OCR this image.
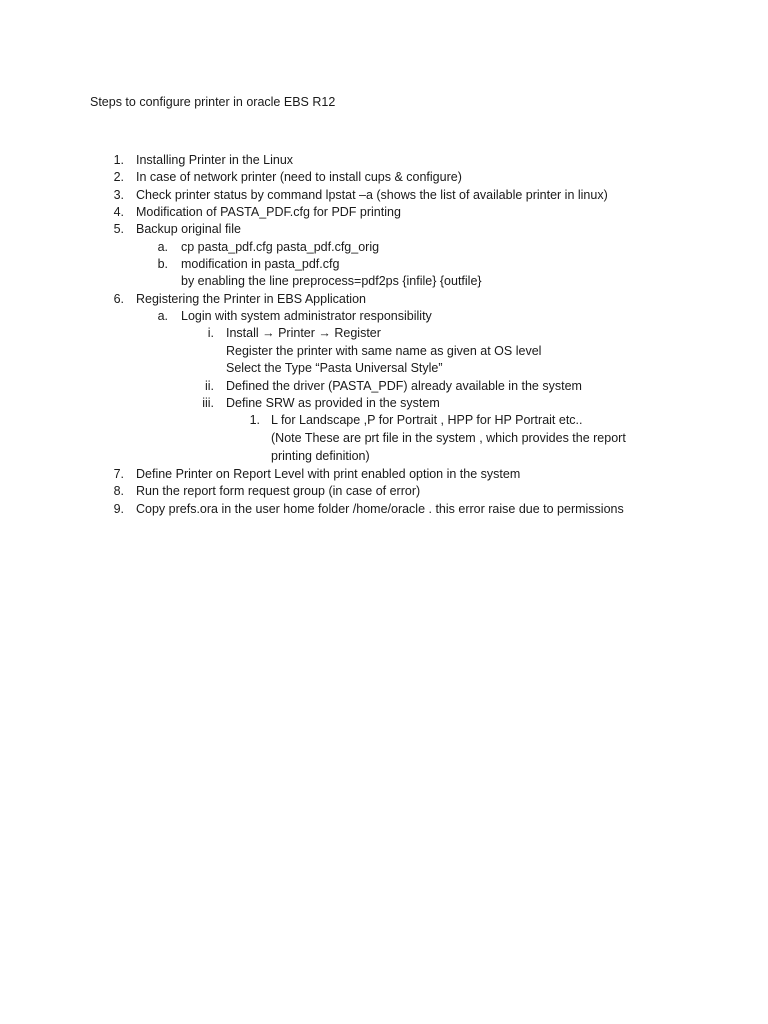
Steps to configure printer in oracle EBS R12
1. Installing Printer in the Linux
2. In case of network printer (need to install cups & configure)
3. Check printer status by command lpstat –a (shows the list of available printer in linux)
4. Modification of PASTA_PDF.cfg for PDF printing
5. Backup original file
a. cp pasta_pdf.cfg pasta_pdf.cfg_orig
b. modification in pasta_pdf.cfg
by enabling the line preprocess=pdf2ps {infile} {outfile}
6. Registering the Printer in EBS Application
a. Login with system administrator responsibility
i. Install → Printer → Register
Register the printer with same name as given at OS level
Select the Type “Pasta Universal Style”
ii. Defined the driver (PASTA_PDF) already available in the system
iii. Define SRW as provided in the system
1. L for Landscape ,P for Portrait , HPP for HP Portrait etc..
(Note These are prt file in the system , which provides the report
printing definition)
7. Define Printer on Report Level with print enabled option in the system
8. Run the report form request group (in case of error)
9. Copy prefs.ora in the user home folder /home/oracle . this error raise due to permissions
